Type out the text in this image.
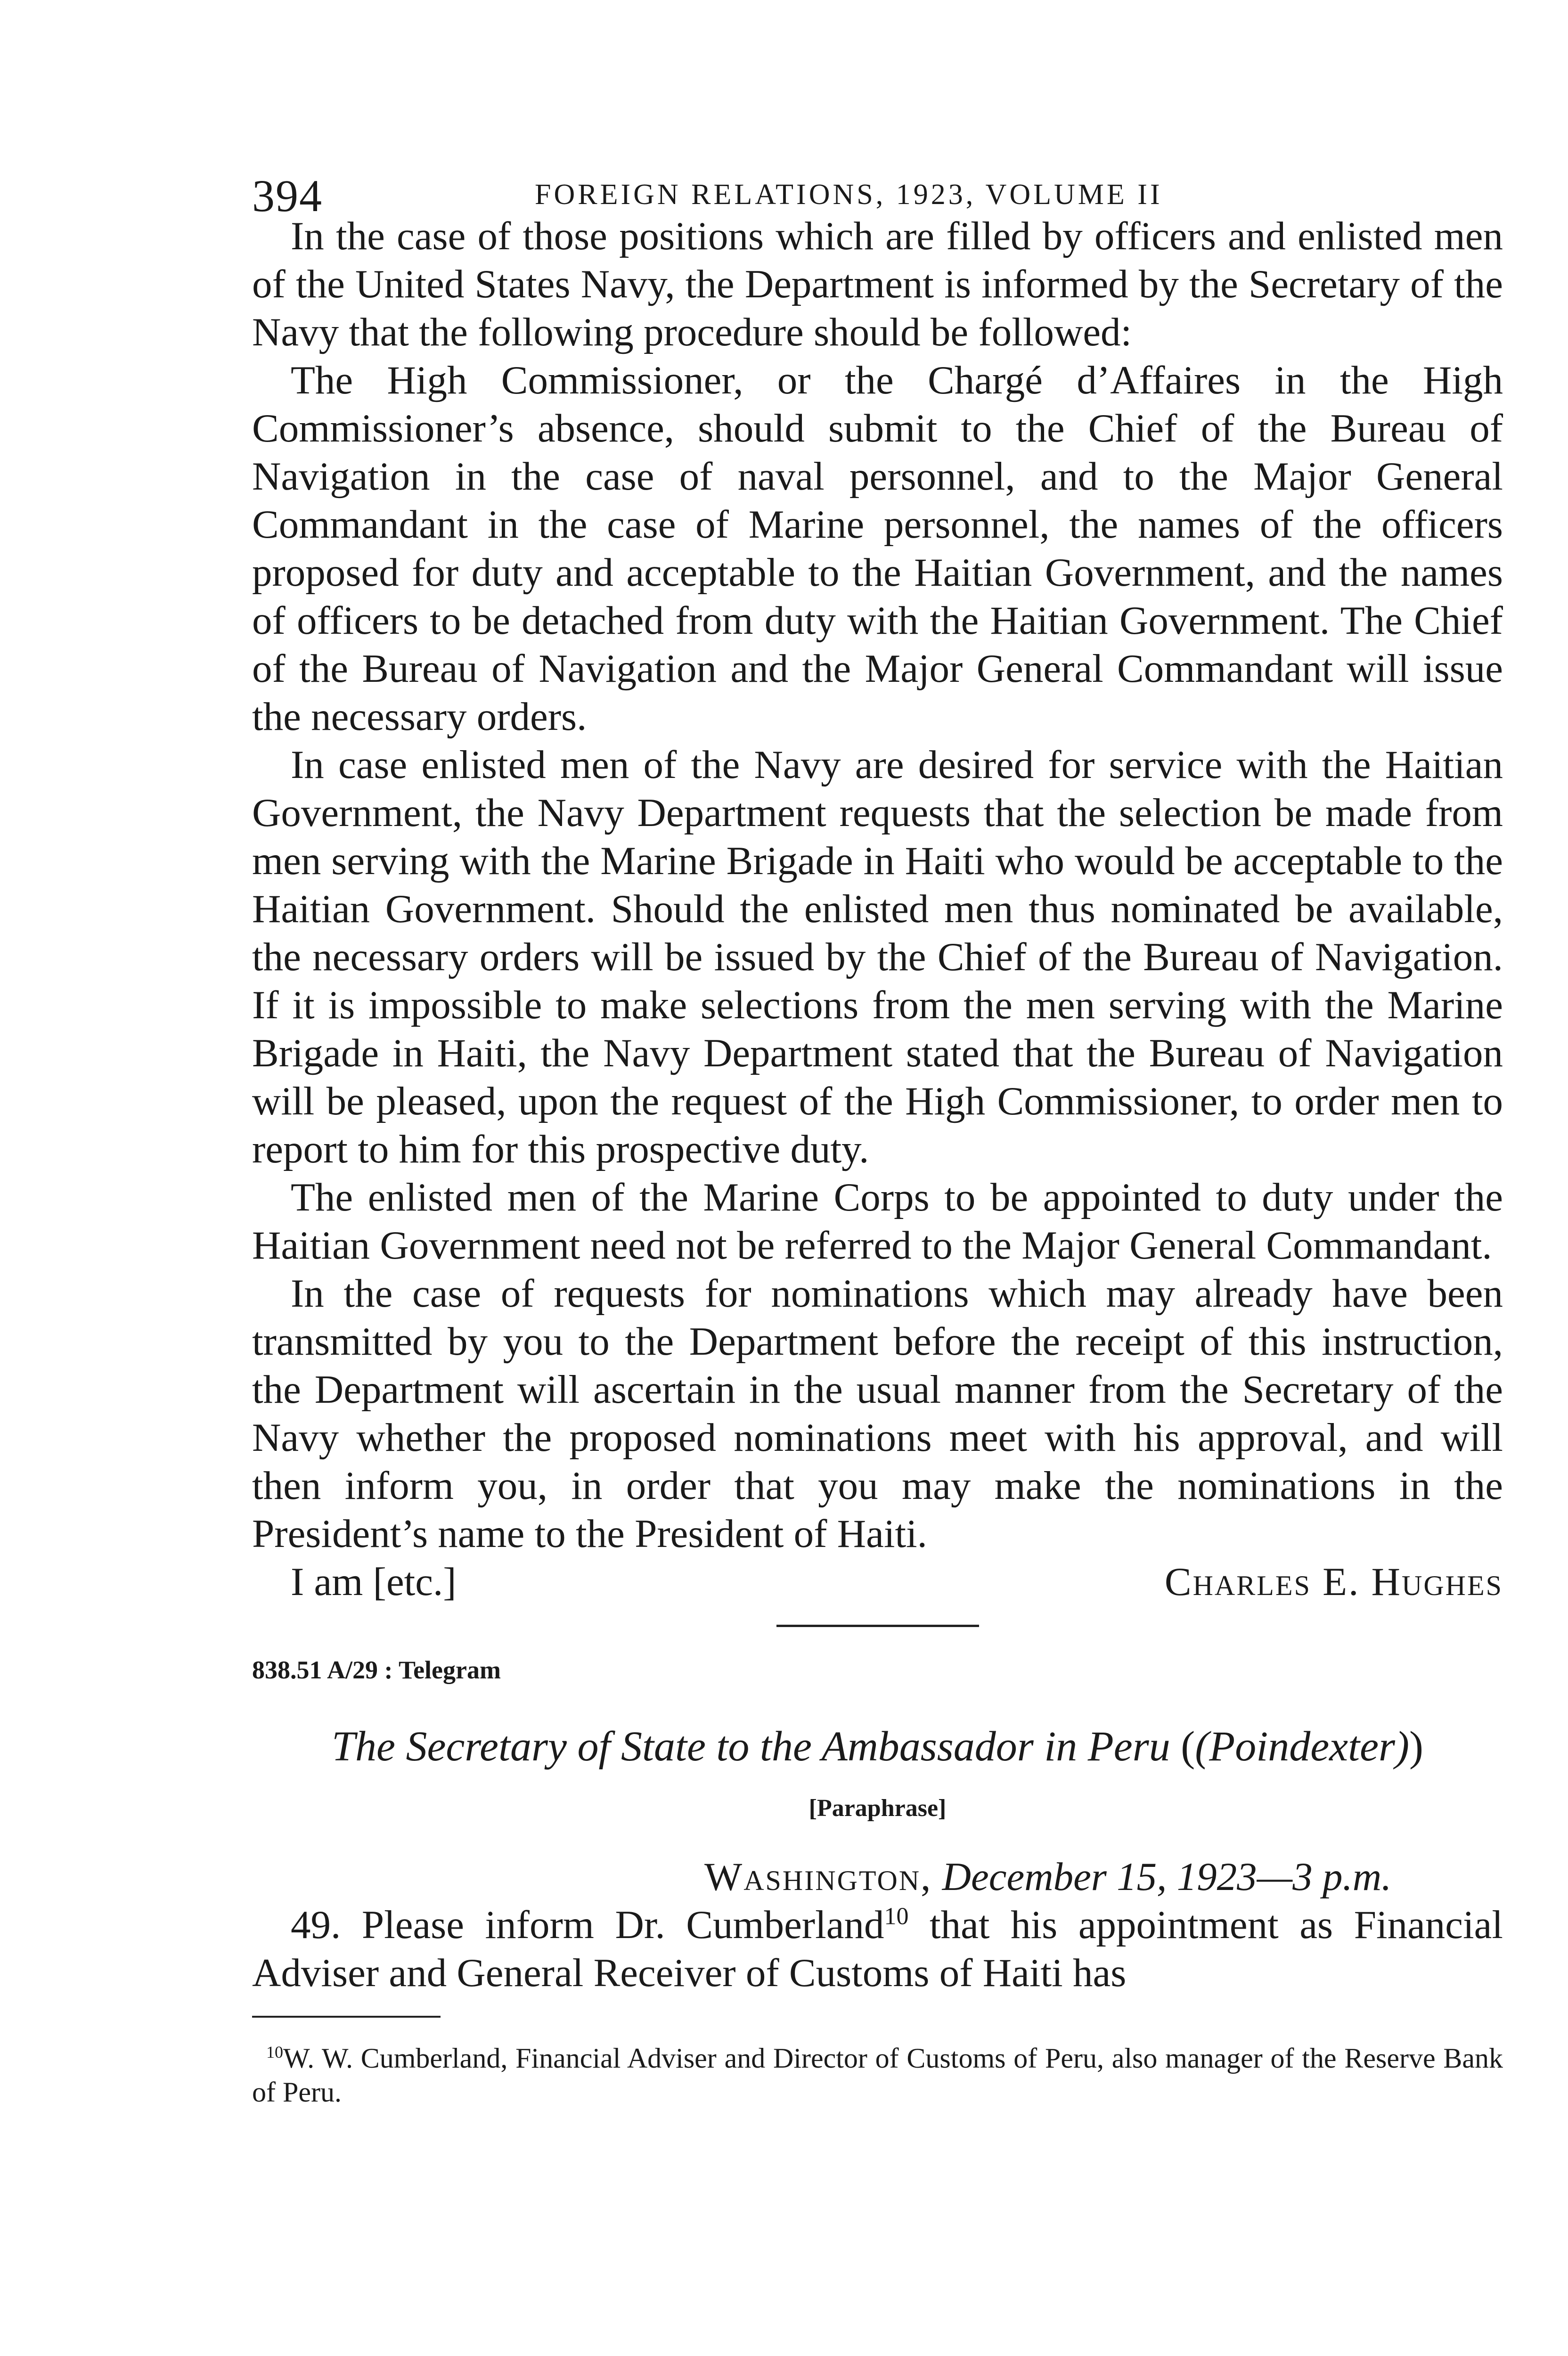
394	FOREIGN RELATIONS, 1923, VOLUME II

In the case of those positions which are filled by officers and enlisted men of the United States Navy, the Department is informed by the Secretary of the Navy that the following procedure should be followed:

The High Commissioner, or the Chargé d’Affaires in the High Commissioner’s absence, should submit to the Chief of the Bureau of Navigation in the case of naval personnel, and to the Major General Commandant in the case of Marine personnel, the names of the officers proposed for duty and acceptable to the Haitian Government, and the names of officers to be detached from duty with the Haitian Government. The Chief of the Bureau of Navigation and the Major General Commandant will issue the necessary orders.

In case enlisted men of the Navy are desired for service with the Haitian Government, the Navy Department requests that the selection be made from men serving with the Marine Brigade in Haiti who would be acceptable to the Haitian Government. Should the enlisted men thus nominated be available, the necessary orders will be issued by the Chief of the Bureau of Navigation. If it is impossible to make selections from the men serving with the Marine Brigade in Haiti, the Navy Department stated that the Bureau of Navigation will be pleased, upon the request of the High Commissioner, to order men to report to him for this prospective duty.

The enlisted men of the Marine Corps to be appointed to duty under the Haitian Government need not be referred to the Major General Commandant.

In the case of requests for nominations which may already have been transmitted by you to the Department before the receipt of this instruction, the Department will ascertain in the usual manner from the Secretary of the Navy whether the proposed nominations meet with his approval, and will then inform you, in order that you may make the nominations in the President’s name to the President of Haiti.

I am [etc.]	Charles E. Hughes
838.51 A/29 : Telegram
The Secretary of State to the Ambassador in Peru ((Poindexter))
[Paraphrase]
Washington, December 15, 1923—3 p.m.

49. Please inform Dr. Cumberland$^{10}$ that his appointment as Financial Adviser and General Receiver of Customs of Haiti has

$^{10}$W. W. Cumberland, Financial Adviser and Director of Customs of Peru, also manager of the Reserve Bank of Peru.
